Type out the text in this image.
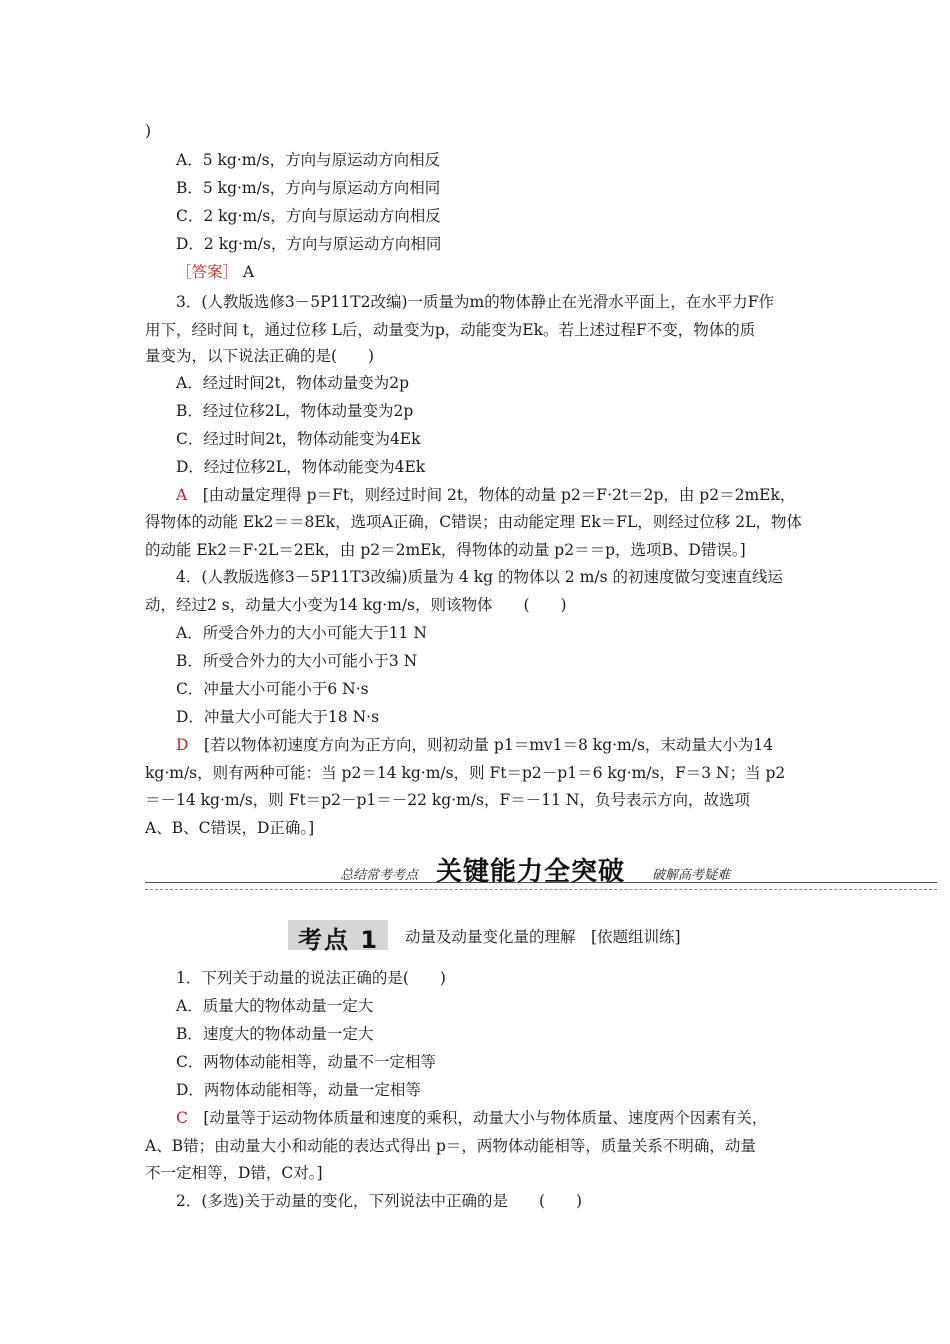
)
A．5 kg·m/s，方向与原运动方向相反
B．5 kg·m/s，方向与原运动方向相同
C．2 kg·m/s，方向与原运动方向相反
D．2 kg·m/s，方向与原运动方向相同
［答案］ A
3．(人教版选修3－5P11T2改编)一质量为m的物体静止在光滑水平面上，在水平力F作
用下，经时间 t，通过位移 L后，动量变为p，动能变为Ek。若上述过程F不变，物体的质
量变为，以下说法正确的是(　　)
A．经过时间2t，物体动量变为2p
B．经过位移2L，物体动量变为2p
C．经过时间2t，物体动能变为4Ek
D．经过位移2L，物体动能变为4Ek
A　[由动量定理得 p＝Ft，则经过时间 2t，物体的动量 p2＝F·2t＝2p，由 p2＝2mEk，
得物体的动能 Ek2＝＝8Ek，选项A正确，C错误；由动能定理 Ek＝FL，则经过位移 2L，物体
的动能 Ek2＝F·2L＝2Ek，由 p2＝2mEk，得物体的动量 p2＝＝p，选项B、D错误。]
4．(人教版选修3－5P11T3改编)质量为 4 kg 的物体以 2 m/s 的初速度做匀变速直线运
动，经过2 s，动量大小变为14 kg·m/s，则该物体　　(　　)
A．所受合外力的大小可能大于11 N
B．所受合外力的大小可能小于3 N
C．冲量大小可能小于6 N·s
D．冲量大小可能大于18 N·s
D　[若以物体初速度方向为正方向，则初动量 p1＝mv1＝8 kg·m/s，末动量大小为14
kg·m/s，则有两种可能：当 p2＝14 kg·m/s，则 Ft＝p2－p1＝6 kg·m/s，F＝3 N；当 p2
＝－14 kg·m/s，则 Ft＝p2－p1＝－22 kg·m/s，F＝－11 N，负号表示方向，故选项
A、B、C错误，D正确。]
总结常考考点 关键能力全突破 破解高考疑难
考点 1 动量及动量变化量的理解　[依题组训练]
1．下列关于动量的说法正确的是(　　)
A．质量大的物体动量一定大
B．速度大的物体动量一定大
C．两物体动能相等，动量不一定相等
D．两物体动能相等，动量一定相等
C　[动量等于运动物体质量和速度的乘积，动量大小与物体质量、速度两个因素有关，
A、B错；由动量大小和动能的表达式得出 p＝，两物体动能相等，质量关系不明确，动量
不一定相等，D错，C对。]
2．(多选)关于动量的变化，下列说法中正确的是　　(　　)
